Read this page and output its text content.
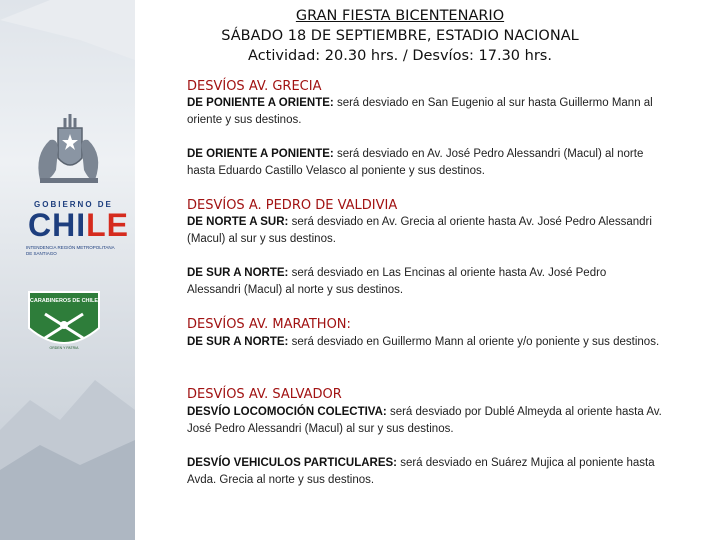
GOBIERNO DE
CHILE
INTENDENCIA REGIÓN METROPOLITANA DE SANTIAGO
CARABINEROS DE CHILE
ORDEN Y PATRIA
GRAN FIESTA BICENTENARIO
SÁBADO 18 DE SEPTIEMBRE, ESTADIO NACIONAL
Actividad: 20.30 hrs. / Desvíos: 17.30 hrs.
DESVÍOS AV. GRECIA
DE PONIENTE A ORIENTE: será desviado en San Eugenio al sur hasta Guillermo Mann al oriente y sus destinos.
DE ORIENTE A PONIENTE: será desviado en Av. José Pedro Alessandri (Macul) al norte hasta Eduardo Castillo Velasco al poniente y sus destinos.
DESVÍOS A. PEDRO DE VALDIVIA
DE NORTE A SUR: será desviado en Av. Grecia al oriente hasta Av. José Pedro Alessandri (Macul) al sur y sus destinos.
DE SUR A NORTE: será desviado en Las Encinas al oriente hasta Av. José Pedro Alessandri (Macul) al norte y sus destinos.
DESVÍOS AV. MARATHON:
DE SUR A NORTE: será desviado en Guillermo Mann al oriente y/o poniente y sus destinos.
DESVÍOS AV. SALVADOR
DESVÍO LOCOMOCIÓN COLECTIVA: será desviado por Dublé Almeyda al oriente hasta Av. José Pedro Alessandri (Macul) al sur y sus destinos.
DESVÍO VEHICULOS PARTICULARES: será desviado en Suárez Mujica al poniente hasta Avda. Grecia al norte y sus destinos.
